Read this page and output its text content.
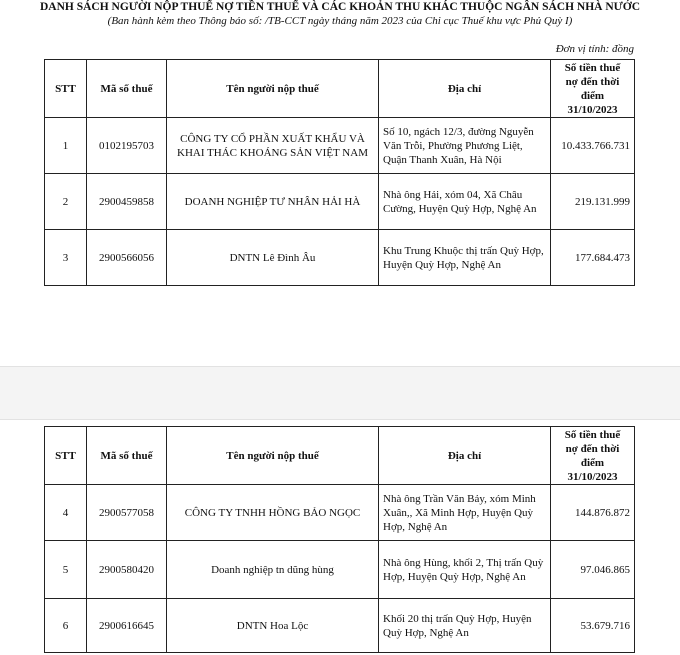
DANH SÁCH NGƯỜI NỘP THUẾ NỢ TIỀN THUẾ VÀ CÁC KHOẢN THU KHÁC THUỘC NGÂN SÁCH NHÀ NƯỚC
(Ban hành kèm theo Thông báo số: /TB-CCT ngày tháng năm 2023 của Chi cục Thuế khu vực Phủ Quỳ I)
Đơn vị tính: đồng
STT	Mã số thuế	Tên người nộp thuế	Địa chỉ	Số tiền thuế
nợ đến thời
điểm
31/10/2023
1	0102195703	CÔNG TY CỔ PHẦN XUẤT KHẨU VÀ KHAI THÁC KHOÁNG SẢN VIỆT NAM	Số 10, ngách 12/3, đường Nguyễn Văn Trỗi, Phường Phương Liệt, Quận Thanh Xuân, Hà Nội	10.433.766.731
2	2900459858	DOANH NGHIỆP TƯ NHÂN HẢI HÀ	Nhà ông Hải, xóm 04, Xã Châu Cường, Huyện Quỳ Hợp, Nghệ An	219.131.999
3	2900566056	DNTN Lê Đình Âu	Khu Trung Khuộc thị trấn Quỳ Hợp, Huyện Quỳ Hợp, Nghệ An	177.684.473
STT	Mã số thuế	Tên người nộp thuế	Địa chỉ	Số tiền thuế
nợ đến thời
điểm
31/10/2023
4	2900577058	CÔNG TY TNHH HỒNG BẢO NGỌC	Nhà ông Trần Văn Bảy, xóm Minh Xuân,, Xã Minh Hợp, Huyện Quỳ Hợp, Nghệ An	144.876.872
5	2900580420	Doanh nghiệp tn dũng hùng	Nhà ông Hùng, khối 2, Thị trấn Quỳ Hợp, Huyện Quỳ Hợp, Nghệ An	97.046.865
6	2900616645	DNTN Hoa Lộc	Khối 20 thị trấn Quỳ Hợp, Huyện Quỳ Hợp, Nghệ An	53.679.716
